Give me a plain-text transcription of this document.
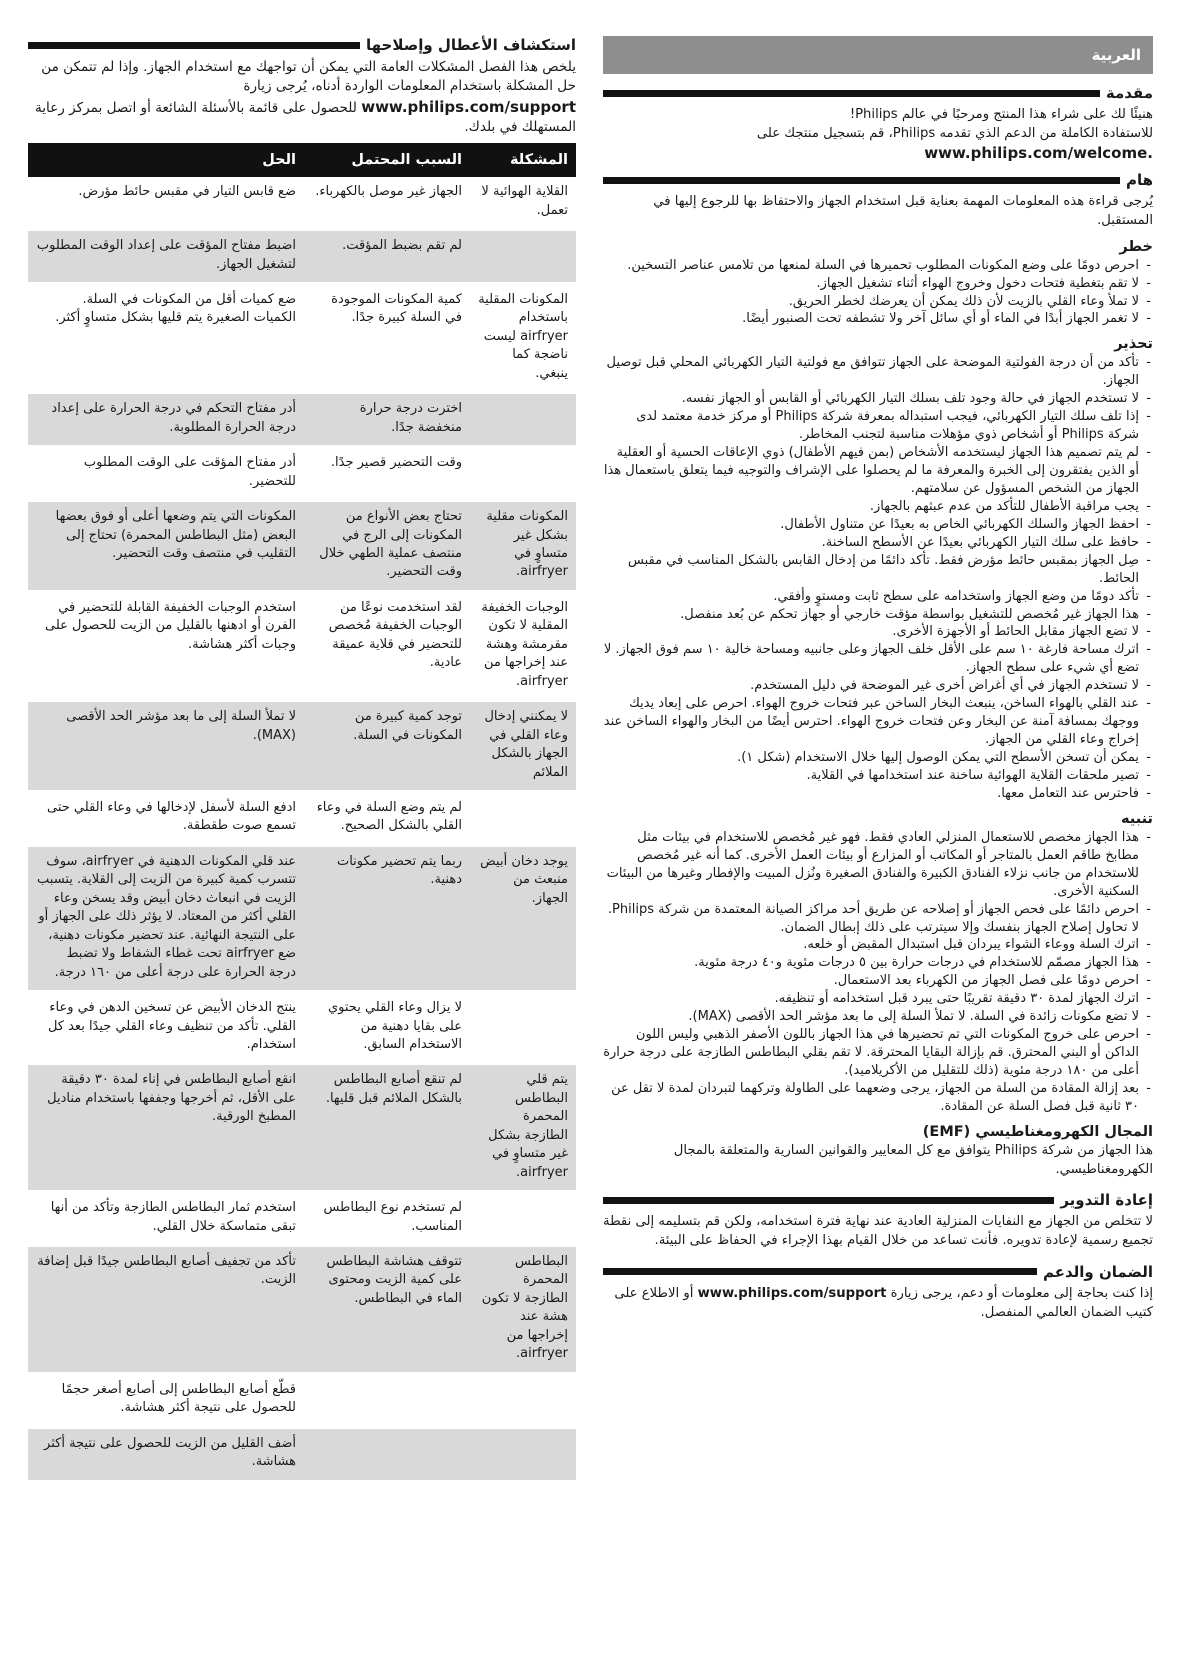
العربية
مقدمة

هنيئًا لك على شراء هذا المنتج ومرحبًا في عالم Philips!
للاستفادة الكاملة من الدعم الذي تقدمه Philips، قم بتسجيل منتجك على
www.philips.com/welcome.

هام

يُرجى قراءة هذه المعلومات المهمة بعناية قبل استخدام الجهاز والاحتفاظ بها للرجوع إليها في المستقبل.

خطر
- احرص دومًا على وضع المكونات المطلوب تحميرها في السلة لمنعها من تلامس عناصر التسخين.
- لا تقم بتغطية فتحات دخول وخروج الهواء أثناء تشغيل الجهاز.
- لا تملأ وعاء القلي بالزيت لأن ذلك يمكن أن يعرضك لخطر الحريق.
- لا تغمر الجهاز أبدًا في الماء أو أي سائل آخر ولا تشطفه تحت الصنبور أيضًا.
تحذير
- تأكد من أن درجة الفولتية الموضحة على الجهاز تتوافق مع فولتية التيار الكهربائي المحلي قبل توصيل الجهاز.
- لا تستخدم الجهاز في حالة وجود تلف بسلك التيار الكهربائي أو القابس أو الجهاز نفسه.
- إذا تلف سلك التيار الكهربائي، فيجب استبداله بمعرفة شركة Philips أو مركز خدمة معتمد لدى شركة Philips أو أشخاص ذوي مؤهلات مناسبة لتجنب المخاطر.
- لم يتم تصميم هذا الجهاز ليستخدمه الأشخاص (بمن فيهم الأطفال) ذوي الإعاقات الحسية أو العقلية أو الذين يفتقرون إلى الخبرة والمعرفة ما لم يحصلوا على الإشراف والتوجيه فيما يتعلق باستعمال هذا الجهاز من الشخص المسؤول عن سلامتهم.
- يجب مراقبة الأطفال للتأكد من عدم عبثهم بالجهاز.
- احفظ الجهاز والسلك الكهربائي الخاص به بعيدًا عن متناول الأطفال.
- حافظ على سلك التيار الكهربائي بعيدًا عن الأسطح الساخنة.
- صِل الجهاز بمقبس حائط مؤرض فقط. تأكد دائمًا من إدخال القابس بالشكل المناسب في مقبس الحائط.
- تأكد دومًا من وضع الجهاز واستخدامه على سطح ثابت ومستوٍ وأفقي.
- هذا الجهاز غير مُخصص للتشغيل بواسطة مؤقت خارجي أو جهاز تحكم عن بُعد منفصل.
- لا تضع الجهاز مقابل الحائط أو الأجهزة الأخرى.
- اترك مساحة فارغة ١٠ سم على الأقل خلف الجهاز وعلى جانبيه ومساحة خالية ١٠ سم فوق الجهاز. لا تضع أي شيء على سطح الجهاز.
- لا تستخدم الجهاز في أي أغراض أخرى غير الموضحة في دليل المستخدم.
- عند القلي بالهواء الساخن، ينبعث البخار الساخن عبر فتحات خروج الهواء. احرص على إبعاد يديك ووجهك بمسافة آمنة عن البخار وعن فتحات خروج الهواء. احترس أيضًا من البخار والهواء الساخن عند إخراج وعاء القلي من الجهاز.
- يمكن أن تسخن الأسطح التي يمكن الوصول إليها خلال الاستخدام (شكل ١).
- تصير ملحقات القلاية الهوائية ساخنة عند استخدامها في القلاية.
- فاحترس عند التعامل معها.
تنبيه
- هذا الجهاز مخصص للاستعمال المنزلي العادي فقط. فهو غير مُخصص للاستخدام في بيئات مثل مطابخ طاقم العمل بالمتاجر أو المكاتب أو المزارع أو بيئات العمل الأخرى. كما أنه غير مُخصص للاستخدام من جانب نزلاء الفنادق الكبيرة والفنادق الصغيرة ونُزل المبيت والإفطار وغيرها من البيئات السكنية الأخرى.
- احرص دائمًا على فحص الجهاز أو إصلاحه عن طريق أحد مراكز الصيانة المعتمدة من شركة Philips. لا تحاول إصلاح الجهاز بنفسك وإلا سيترتب على ذلك إبطال الضمان.
- اترك السلة ووعاء الشواء يبردان قبل استبدال المقبض أو خلعه.
- هذا الجهاز مصمّم للاستخدام في درجات حرارة بين ٥ درجات مئوية و٤٠ درجة مئوية.
- احرص دومًا على فصل الجهاز من الكهرباء بعد الاستعمال.
- اترك الجهاز لمدة ٣٠ دقيقة تقريبًا حتى يبرد قبل استخدامه أو تنظيفه.
- لا تضع مكونات زائدة في السلة. لا تملأ السلة إلى ما بعد مؤشر الحد الأقصى (MAX).
- احرص على خروج المكونات التي تم تحضيرها في هذا الجهاز باللون الأصفر الذهبي وليس اللون الداكن أو البني المحترق. قم بإزالة البقايا المحترقة. لا تقم بقلي البطاطس الطازجة على درجة حرارة أعلى من ١٨٠ درجة مئوية (ذلك للتقليل من الأكريلاميد).
- بعد إزالة المقادة من السلة من الجهاز، يرجى وضعهما على الطاولة وتركهما لتبردان لمدة لا تقل عن ٣٠ ثانية قبل فصل السلة عن المقادة.
المجال الكهرومغناطيسي (EMF)

هذا الجهاز من شركة Philips يتوافق مع كل المعايير والقوانين السارية والمتعلقة بالمجال الكهرومغناطيسي.

إعادة التدوير

لا تتخلص من الجهاز مع النفايات المنزلية العادية عند نهاية فترة استخدامه، ولكن قم بتسليمه إلى نقطة تجميع رسمية لإعادة تدويره. فأنت تساعد من خلال القيام بهذا الإجراء في الحفاظ على البيئة.

الضمان والدعم

إذا كنت بحاجة إلى معلومات أو دعم، يرجى زيارة www.philips.com/support أو الاطلاع على كتيب الضمان العالمي المنفصل.

استكشاف الأعطال وإصلاحها

يلخص هذا الفصل المشكلات العامة التي يمكن أن تواجهك مع استخدام الجهاز. وإذا لم تتمكن من حل المشكلة باستخدام المعلومات الواردة أدناه، يُرجى زيارة www.philips.com/support للحصول على قائمة بالأسئلة الشائعة أو اتصل بمركز رعاية المستهلك في بلدك.

المشكلة	السبب المحتمل	الحل
القلاية الهوائية لا تعمل.	الجهاز غير موصل بالكهرباء.	ضع قابس التيار في مقبس حائط مؤرض.
	لم تقم بضبط المؤقت.	اضبط مفتاح المؤقت على إعداد الوقت المطلوب لتشغيل الجهاز.
المكونات المقلية باستخدام airfryer ليست ناضجة كما ينبغي.	كمية المكونات الموجودة في السلة كبيرة جدًا.	ضع كميات أقل من المكونات في السلة. الكميات الصغيرة يتم قليها بشكل متساوٍ أكثر.
	اخترت درجة حرارة منخفضة جدًا.	أدر مفتاح التحكم في درجة الحرارة على إعداد درجة الحرارة المطلوبة.
	وقت التحضير قصير جدًا.	أدر مفتاح المؤقت على الوقت المطلوب للتحضير.
المكونات مقلية بشكل غير متساوٍ في airfryer.	تحتاج بعض الأنواع من المكونات إلى الرج في منتصف عملية الطهي خلال وقت التحضير.	المكونات التي يتم وضعها أعلى أو فوق بعضها البعض (مثل البطاطس المحمرة) تحتاج إلى التقليب في منتصف وقت التحضير.
الوجبات الخفيفة المقلية لا تكون مقرمشة وهشة عند إخراجها من airfryer.	لقد استخدمت نوعًا من الوجبات الخفيفة مُخصص للتحضير في قلاية عميقة عادية.	استخدم الوجبات الخفيفة القابلة للتحضير في الفرن أو ادهنها بالقليل من الزيت للحصول على وجبات أكثر هشاشة.
لا يمكنني إدخال وعاء القلي في الجهاز بالشكل الملائم	توجد كمية كبيرة من المكونات في السلة.	لا تملأ السلة إلى ما بعد مؤشر الحد الأقصى (MAX).
	لم يتم وضع السلة في وعاء القلي بالشكل الصحيح.	ادفع السلة لأسفل لإدخالها في وعاء القلي حتى تسمع صوت طقطقة.
يوجد دخان أبيض منبعث من الجهاز.	ربما يتم تحضير مكونات دهنية.	عند قلي المكونات الدهنية في airfryer، سوف تتسرب كمية كبيرة من الزيت إلى القلاية. يتسبب الزيت في انبعاث دخان أبيض وقد يسخن وعاء القلي أكثر من المعتاد. لا يؤثر ذلك على الجهاز أو على النتيجة النهائية. عند تحضير مكونات دهنية، ضع airfryer تحت غطاء الشفاط ولا تضبط درجة الحرارة على درجة أعلى من ١٦٠ درجة.
	لا يزال وعاء القلي يحتوي على بقايا دهنية من الاستخدام السابق.	ينتج الدخان الأبيض عن تسخين الدهن في وعاء القلي. تأكد من تنظيف وعاء القلي جيدًا بعد كل استخدام.
يتم قلي البطاطس المحمرة الطازجة بشكل غير متساوٍ في airfryer.	لم تنقع أصابع البطاطس بالشكل الملائم قبل قليها.	انقع أصابع البطاطس في إناء لمدة ٣٠ دقيقة على الأقل، ثم أخرجها وجففها باستخدام مناديل المطبخ الورقية.
	لم تستخدم نوع البطاطس المناسب.	استخدم ثمار البطاطس الطازجة وتأكد من أنها تبقى متماسكة خلال القلي.
البطاطس المحمرة الطازجة لا تكون هشة عند إخراجها من airfryer.	تتوقف هشاشة البطاطس على كمية الزيت ومحتوى الماء في البطاطس.	تأكد من تجفيف أصابع البطاطس جيدًا قبل إضافة الزيت.
		قطّع أصابع البطاطس إلى أصابع أصغر حجمًا للحصول على نتيجة أكثر هشاشة.
		أضف القليل من الزيت للحصول على نتيجة أكثر هشاشة.
